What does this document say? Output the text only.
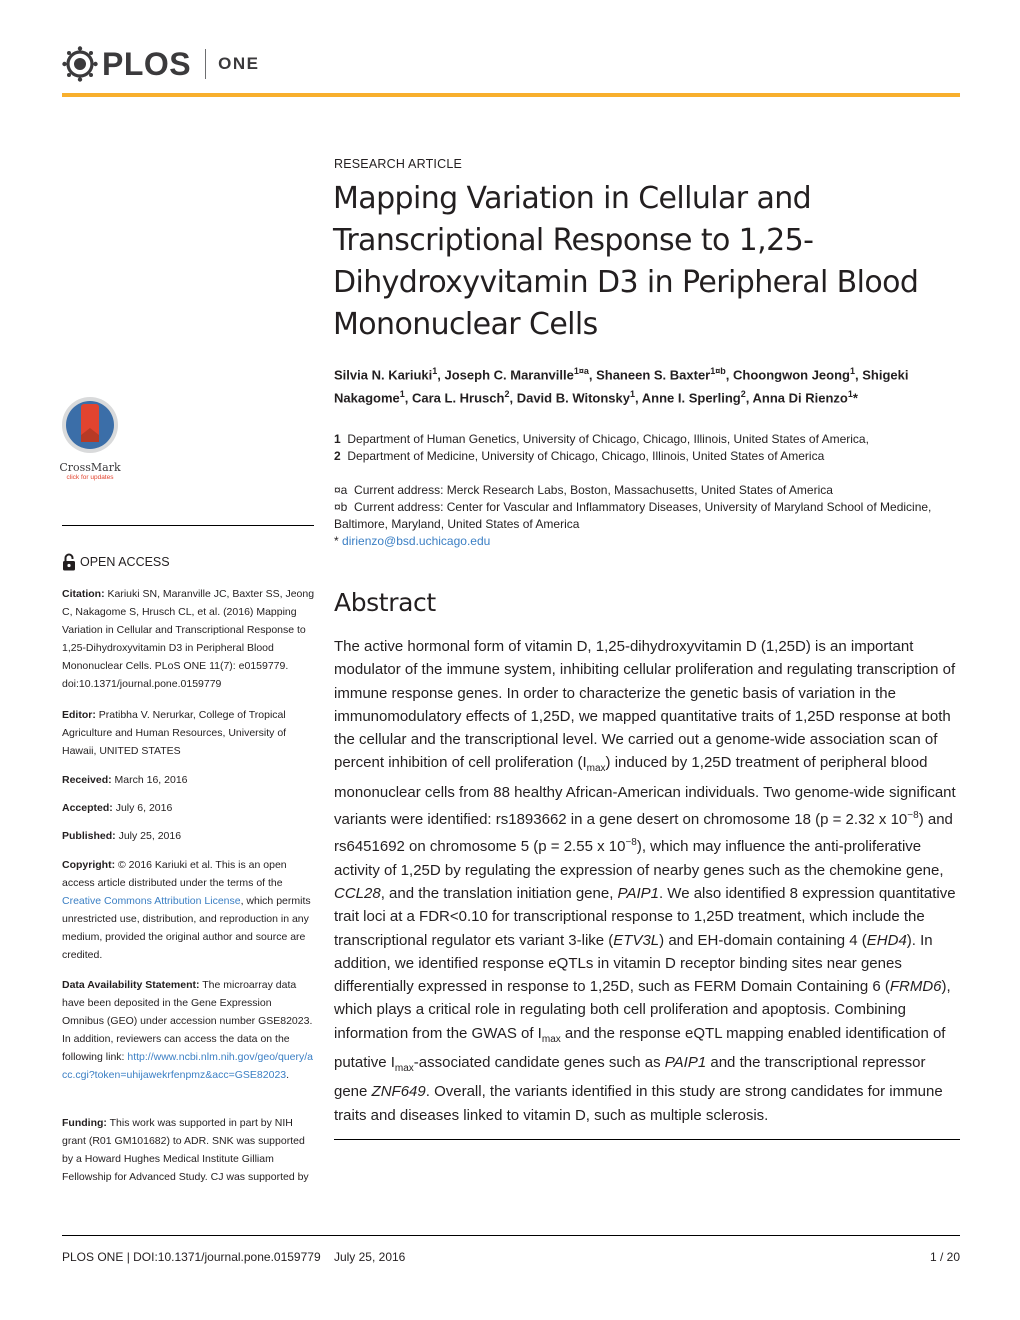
PLOS ONE
CrossMark
click for updates
OPEN ACCESS

Citation: Kariuki SN, Maranville JC, Baxter SS, Jeong C, Nakagome S, Hrusch CL, et al. (2016) Mapping Variation in Cellular and Transcriptional Response to 1,25-Dihydroxyvitamin D3 in Peripheral Blood Mononuclear Cells. PLoS ONE 11(7): e0159779. doi:10.1371/journal.pone.0159779

Editor: Pratibha V. Nerurkar, College of Tropical Agriculture and Human Resources, University of Hawaii, UNITED STATES

Received: March 16, 2016

Accepted: July 6, 2016

Published: July 25, 2016

Copyright: © 2016 Kariuki et al. This is an open access article distributed under the terms of the Creative Commons Attribution License, which permits unrestricted use, distribution, and reproduction in any medium, provided the original author and source are credited.

Data Availability Statement: The microarray data have been deposited in the Gene Expression Omnibus (GEO) under accession number GSE82023. In addition, reviewers can access the data on the following link: http://www.ncbi.nlm.nih.gov/geo/query/acc.cgi?token=uhijawekrfenpmz&acc=GSE82023.

Funding: This work was supported in part by NIH grant (R01 GM101682) to ADR. SNK was supported by a Howard Hughes Medical Institute Gilliam Fellowship for Advanced Study. CJ was supported by

RESEARCH ARTICLE
Mapping Variation in Cellular and Transcriptional Response to 1,25-Dihydroxyvitamin D3 in Peripheral Blood Mononuclear Cells
Silvia N. Kariuki$^1$, Joseph C. Maranville$^{1¤a}$, Shaneen S. Baxter$^{1¤b}$, Choongwon Jeong$^1$, Shigeki Nakagome$^1$, Cara L. Hrusch$^2$, David B. Witonsky$^1$, Anne I. Sperling$^2$, Anna Di Rienzo$^1$*

1 Department of Human Genetics, University of Chicago, Chicago, Illinois, United States of America,

2 Department of Medicine, University of Chicago, Chicago, Illinois, United States of America

¤a Current address: Merck Research Labs, Boston, Massachusetts, United States of America

¤b Current address: Center for Vascular and Inflammatory Diseases, University of Maryland School of Medicine, Baltimore, Maryland, United States of America

* dirienzo@bsd.uchicago.edu

Abstract
The active hormonal form of vitamin D, 1,25-dihydroxyvitamin D (1,25D) is an important modulator of the immune system, inhibiting cellular proliferation and regulating transcription of immune response genes. In order to characterize the genetic basis of variation in the immunomodulatory effects of 1,25D, we mapped quantitative traits of 1,25D response at both the cellular and the transcriptional level. We carried out a genome-wide association scan of percent inhibition of cell proliferation $(I_{max})$ induced by 1,25D treatment of peripheral blood mononuclear cells from 88 healthy African-American individuals. Two genome-wide significant variants were identified: rs1893662 in a gene desert on chromosome 18 (p = 2.32 x $10^{-8}$) and rs6451692 on chromosome 5 (p = 2.55 x $10^{-8}$), which may influence the anti-proliferative activity of 1,25D by regulating the expression of nearby genes such as the chemokine gene, CCL28, and the translation initiation gene, PAIP1. We also identified 8 expression quantitative trait loci at a FDR<0.10 for transcriptional response to 1,25D treatment, which include the transcriptional regulator ets variant 3-like (ETV3L) and EH-domain containing 4 (EHD4). In addition, we identified response eQTLs in vitamin D receptor binding sites near genes differentially expressed in response to 1,25D, such as FERM Domain Containing 6 (FRMD6), which plays a critical role in regulating both cell proliferation and apoptosis. Combining information from the GWAS of $I_{max}$ and the response eQTL mapping enabled identification of putative $I_{max}$-associated candidate genes such as PAIP1 and the transcriptional repressor gene ZNF649. Overall, the variants identified in this study are strong candidates for immune traits and diseases linked to vitamin D, such as multiple sclerosis.
PLOS ONE | DOI:10.1371/journal.pone.0159779    July 25, 2016	1 / 20
